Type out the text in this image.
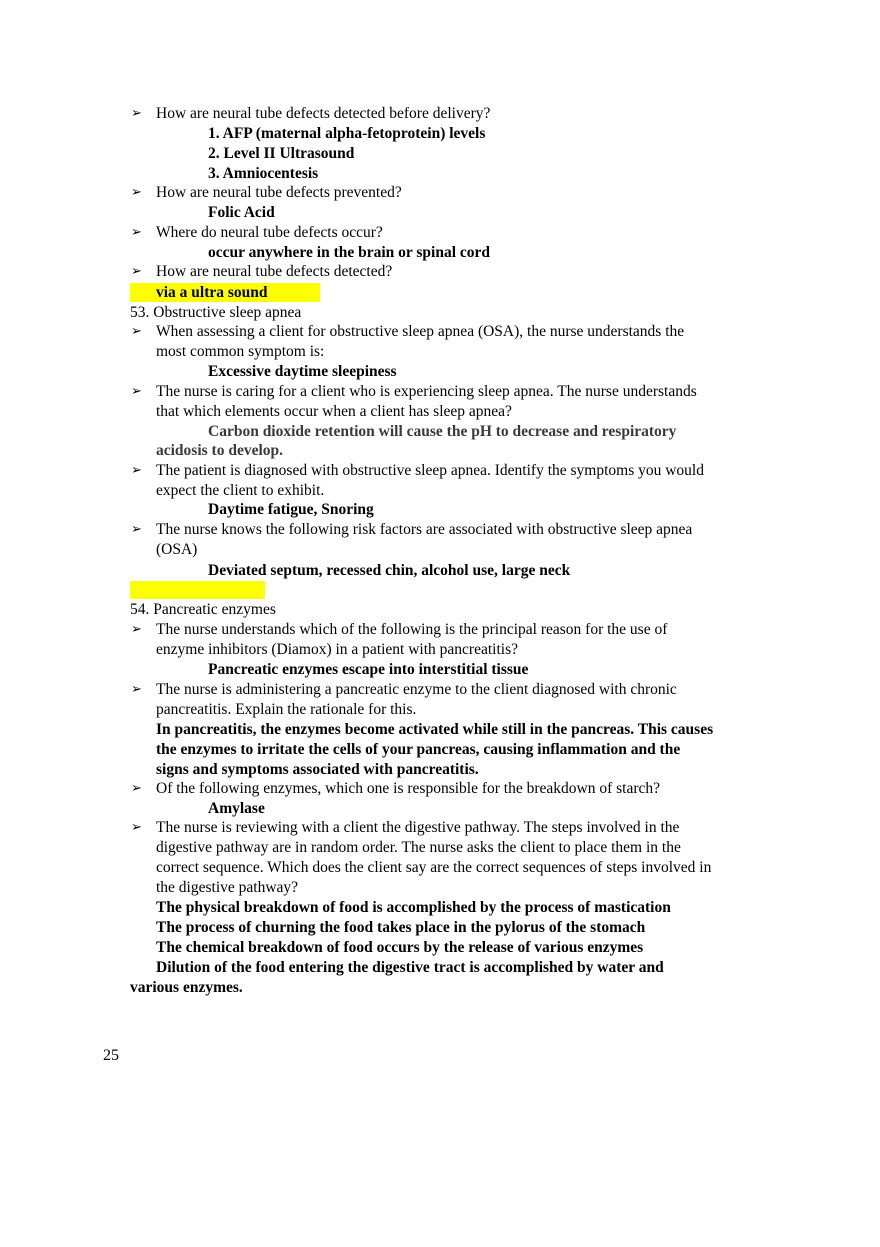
➢ How are neural tube defects detected before delivery?
1. AFP (maternal alpha-fetoprotein) levels
2. Level II Ultrasound
3. Amniocentesis
➢ How are neural tube defects prevented?
Folic Acid
➢ Where do neural tube defects occur?
occur anywhere in the brain or spinal cord
➢ How are neural tube defects detected?
via a ultra sound
53. Obstructive sleep apnea
➢ When assessing a client for obstructive sleep apnea (OSA), the nurse understands the
most common symptom is:
Excessive daytime sleepiness
➢ The nurse is caring for a client who is experiencing sleep apnea. The nurse understands
that which elements occur when a client has sleep apnea?
Carbon dioxide retention will cause the pH to decrease and respiratory
acidosis to develop.
➢ The patient is diagnosed with obstructive sleep apnea. Identify the symptoms you would
expect the client to exhibit.
Daytime fatigue, Snoring
➢ The nurse knows the following risk factors are associated with obstructive sleep apnea
(OSA)
Deviated septum, recessed chin, alcohol use, large neck
54. Pancreatic enzymes
➢ The nurse understands which of the following is the principal reason for the use of
enzyme inhibitors (Diamox) in a patient with pancreatitis?
Pancreatic enzymes escape into interstitial tissue
➢ The nurse is administering a pancreatic enzyme to the client diagnosed with chronic
pancreatitis. Explain the rationale for this.
In pancreatitis, the enzymes become activated while still in the pancreas. This causes
the enzymes to irritate the cells of your pancreas, causing inflammation and the
signs and symptoms associated with pancreatitis.
➢ Of the following enzymes, which one is responsible for the breakdown of starch?
Amylase
➢ The nurse is reviewing with a client the digestive pathway. The steps involved in the
digestive pathway are in random order. The nurse asks the client to place them in the
correct sequence. Which does the client say are the correct sequences of steps involved in
the digestive pathway?
The physical breakdown of food is accomplished by the process of mastication
The process of churning the food takes place in the pylorus of the stomach
The chemical breakdown of food occurs by the release of various enzymes
Dilution of the food entering the digestive tract is accomplished by water and
various enzymes.
25
